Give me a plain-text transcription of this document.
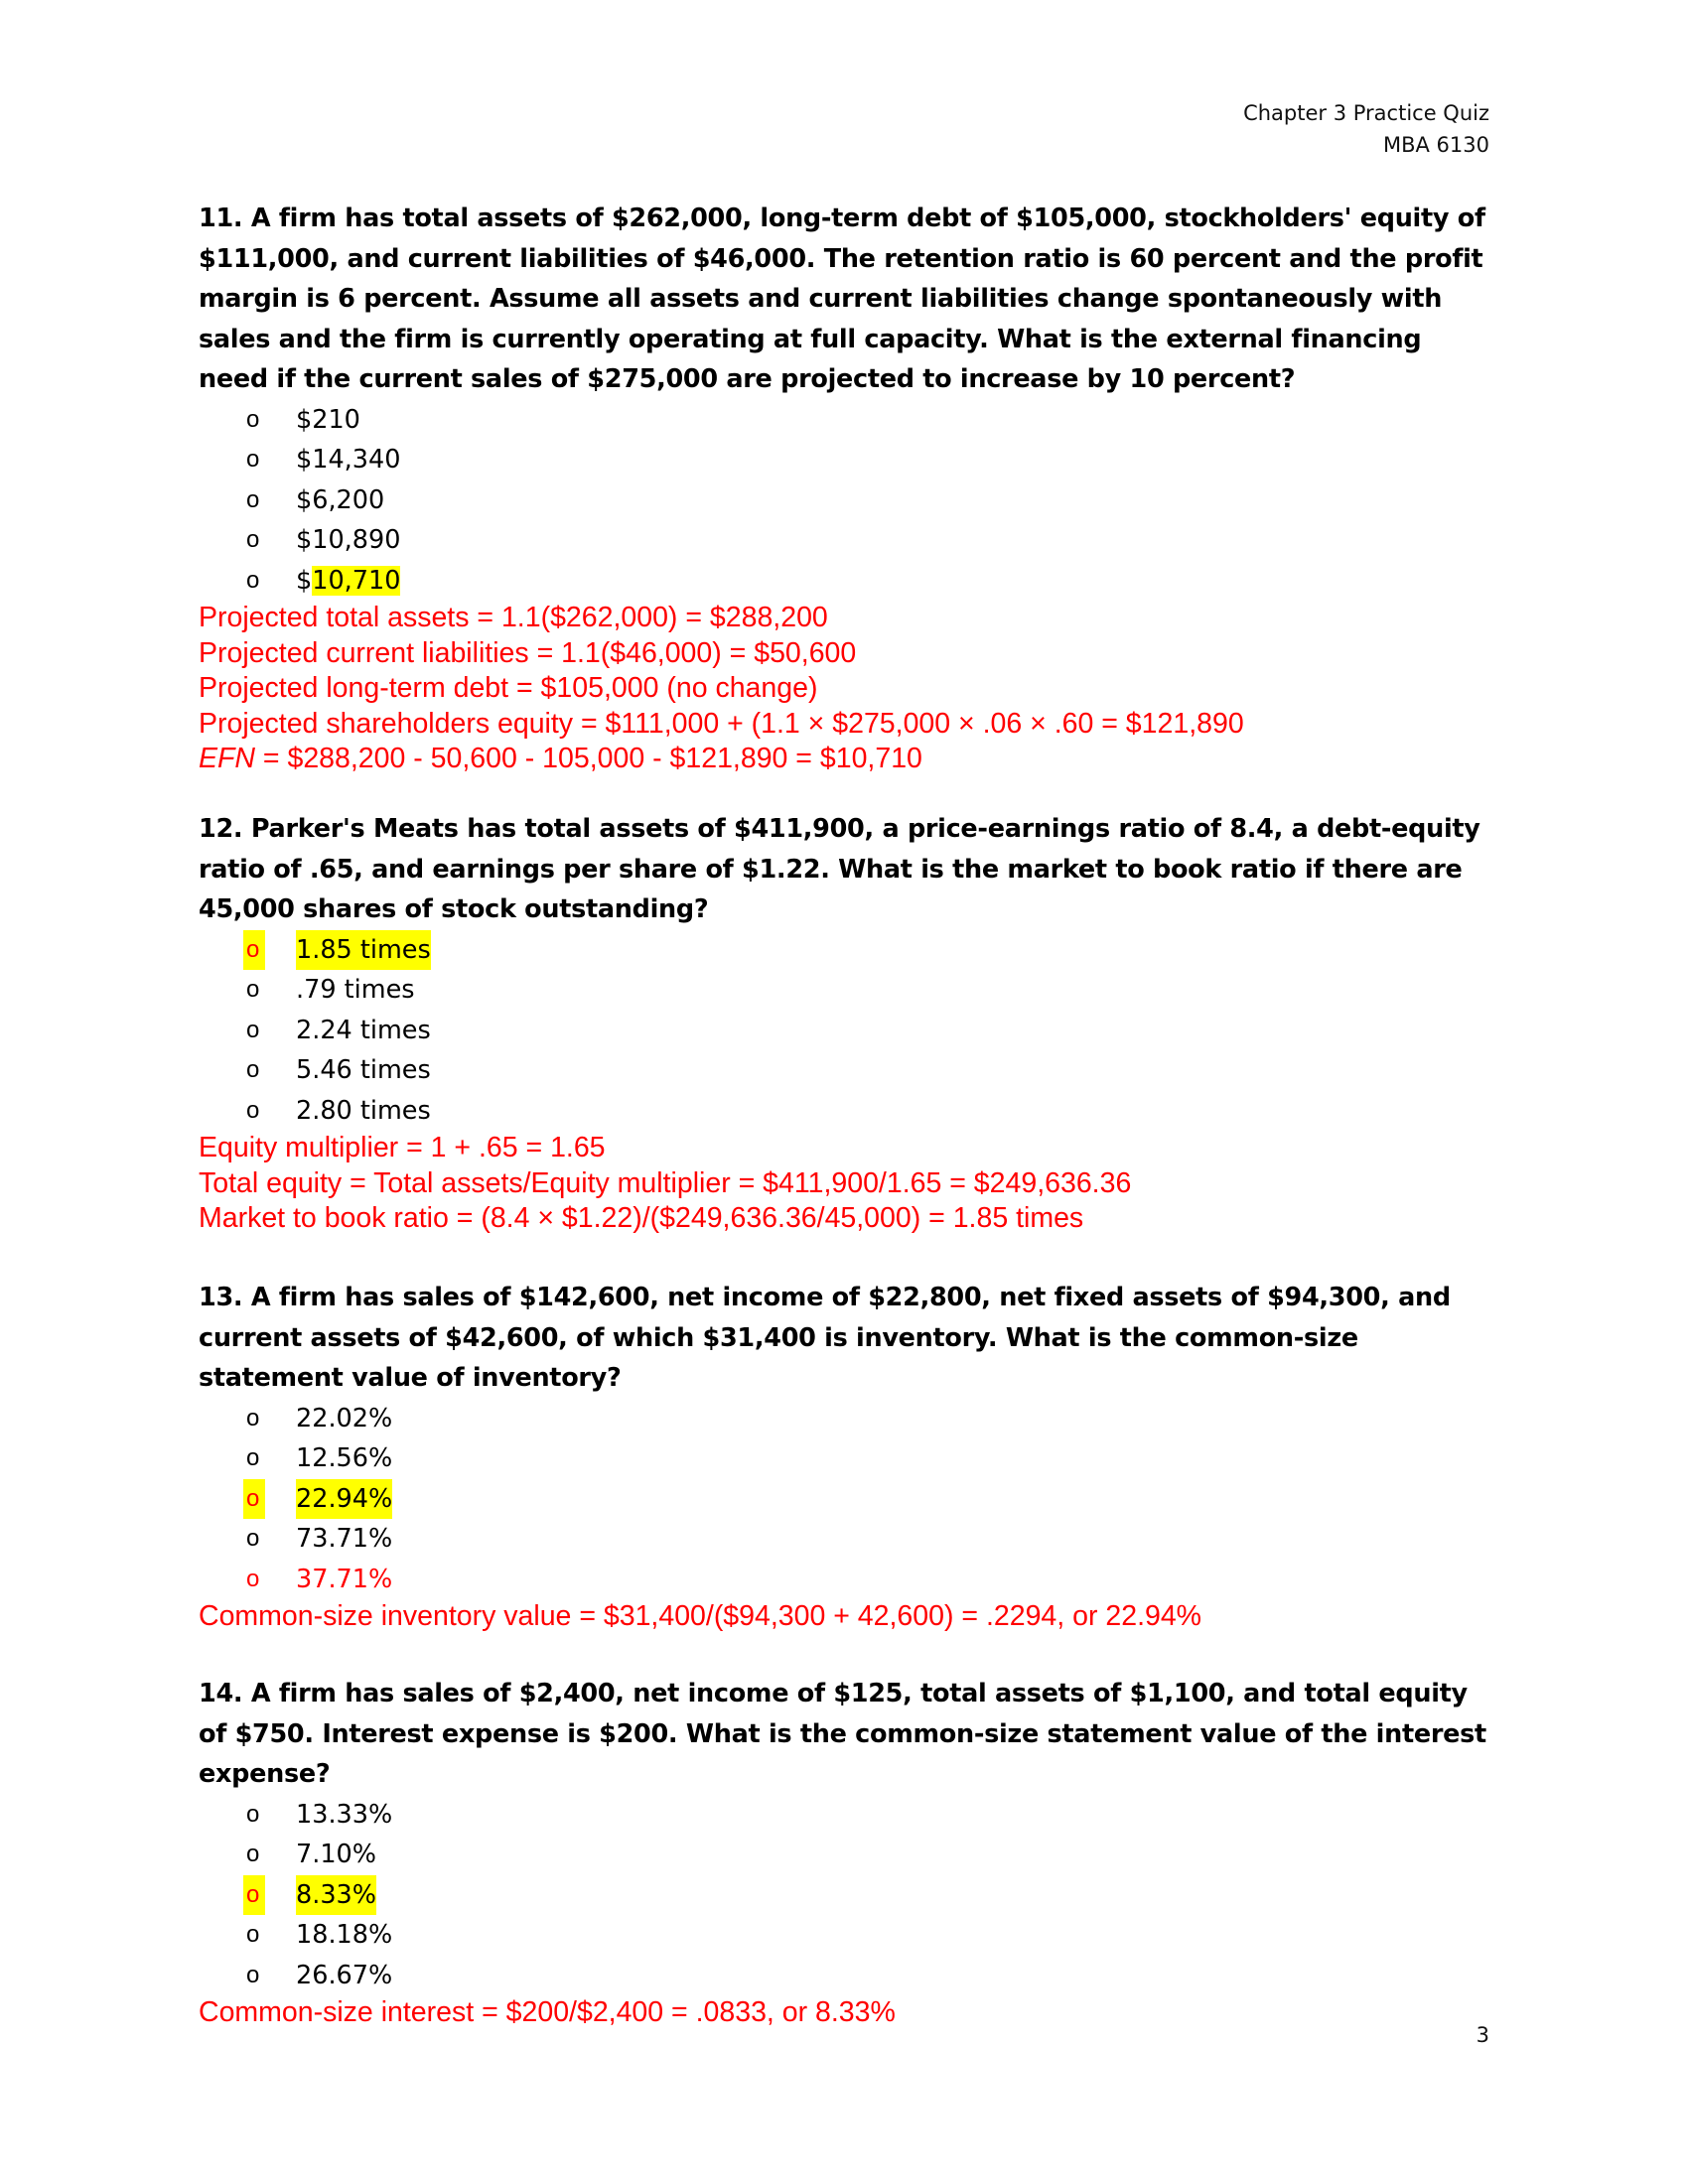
Chapter 3 Practice Quiz
MBA 6130

11. A firm has total assets of $262,000, long-term debt of $105,000, stockholders' equity of $111,000, and current liabilities of $46,000. The retention ratio is 60 percent and the profit margin is 6 percent. Assume all assets and current liabilities change spontaneously with sales and the firm is currently operating at full capacity. What is the external financing need if the current sales of $275,000 are projected to increase by 10 percent?

o $210
o $14,340
o $6,200
o $10,890
o $10,710

Projected total assets = 1.1($262,000) = $288,200

Projected current liabilities = 1.1($46,000) = $50,600

Projected long-term debt = $105,000 (no change)

Projected shareholders equity = $111,000 + (1.1 × $275,000 × .06 × .60 = $121,890

EFN = $288,200 - 50,600 - 105,000 - $121,890 = $10,710

12. Parker's Meats has total assets of $411,900, a price-earnings ratio of 8.4, a debt-equity ratio of .65, and earnings per share of $1.22. What is the market to book ratio if there are 45,000 shares of stock outstanding?

o 1.85 times
o .79 times
o 2.24 times
o 5.46 times
o 2.80 times

Equity multiplier = 1 + .65 = 1.65

Total equity = Total assets/Equity multiplier = $411,900/1.65 = $249,636.36

Market to book ratio = (8.4 × $1.22)/($249,636.36/45,000) = 1.85 times

13. A firm has sales of $142,600, net income of $22,800, net fixed assets of $94,300, and current assets of $42,600, of which $31,400 is inventory. What is the common-size statement value of inventory?

o 22.02%
o 12.56%
o 22.94%
o 73.71%
o 37.71%

Common-size inventory value = $31,400/($94,300 + 42,600) = .2294, or 22.94%

14. A firm has sales of $2,400, net income of $125, total assets of $1,100, and total equity of $750. Interest expense is $200. What is the common-size statement value of the interest expense?

o 13.33%
o 7.10%
o 8.33%
o 18.18%
o 26.67%

Common-size interest = $200/$2,400 = .0833, or 8.33%

3
